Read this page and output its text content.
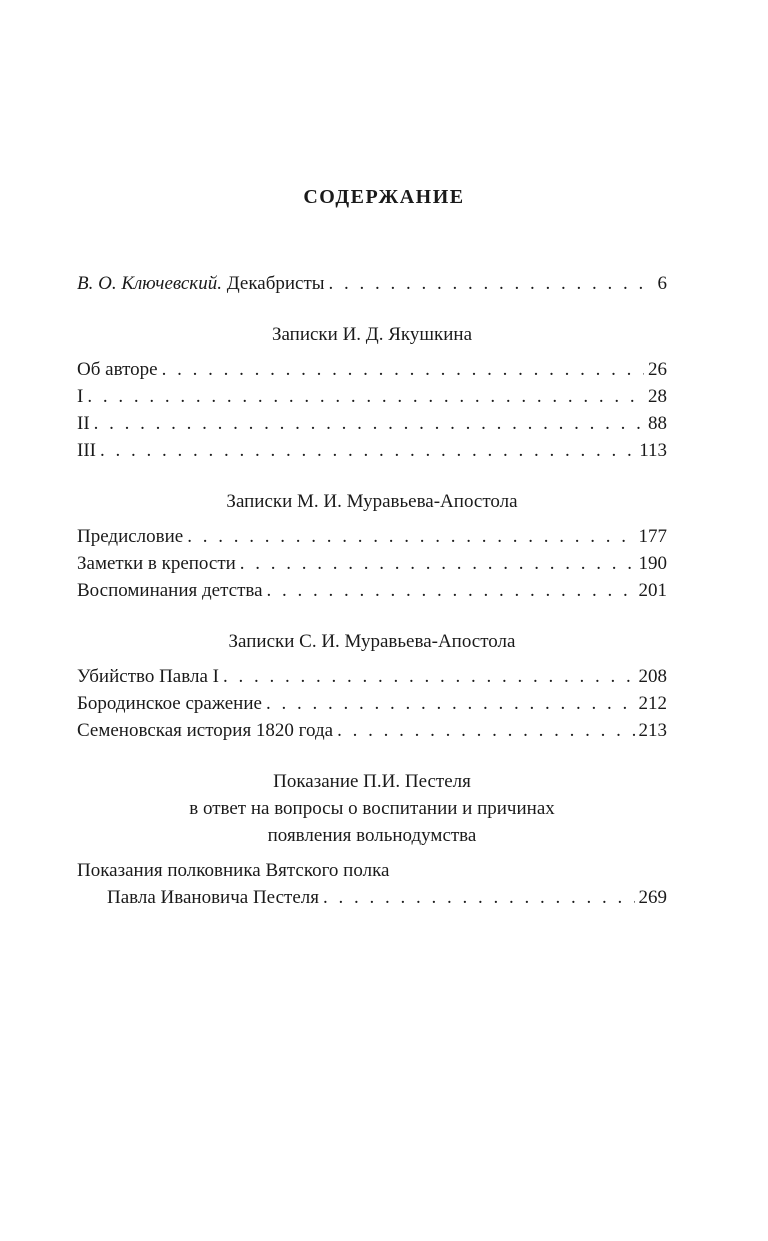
СОДЕРЖАНИЕ
В. О. Ключевский. Декабристы . . .	6
Записки И. Д. Якушкина
Об авторе . . .	26
I . . .	28
II . . .	88
III . . .	113
Записки М. И. Муравьева-Апостола
Предисловие . . .	177
Заметки в крепости . . .	190
Воспоминания детства . . .	201
Записки С. И. Муравьева-Апостола
Убийство Павла I . . .	208
Бородинское сражение . . .	212
Семеновская история 1820 года . . .	213
Показание П.И. Пестеля
в ответ на вопросы о воспитании и причинах
появления вольнодумства
Показания полковника Вятского полка
Павла Ивановича Пестеля . . .	269
